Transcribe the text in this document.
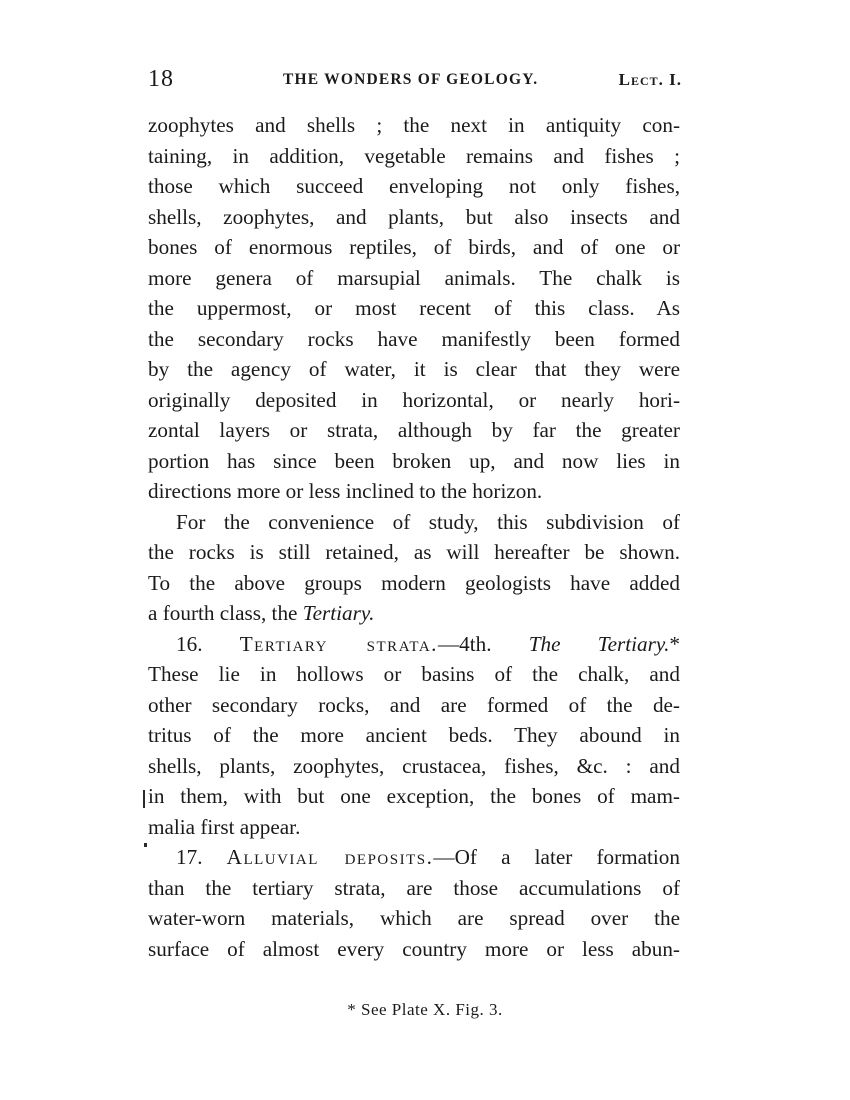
18	THE WONDERS OF GEOLOGY.	Lect. I.
zoophytes and shells ; the next in antiquity con-
taining, in addition, vegetable remains and fishes ;
those which succeed enveloping not only fishes,
shells, zoophytes, and plants, but also insects and
bones of enormous reptiles, of birds, and of one or
more genera of marsupial animals. The chalk is
the uppermost, or most recent of this class. As
the secondary rocks have manifestly been formed
by the agency of water, it is clear that they were
originally deposited in horizontal, or nearly hori-
zontal layers or strata, although by far the greater
portion has since been broken up, and now lies in
directions more or less inclined to the horizon.
For the convenience of study, this subdivision of
the rocks is still retained, as will hereafter be shown.
To the above groups modern geologists have added
a fourth class, the Tertiary.
16. Tertiary strata.—4th. The Tertiary.*
These lie in hollows or basins of the chalk, and
other secondary rocks, and are formed of the de-
tritus of the more ancient beds. They abound in
shells, plants, zoophytes, crustacea, fishes, &c. : and
in them, with but one exception, the bones of mam-
malia first appear.
17. Alluvial deposits.—Of a later formation
than the tertiary strata, are those accumulations of
water-worn materials, which are spread over the
surface of almost every country more or less abun-
* See Plate X. Fig. 3.
